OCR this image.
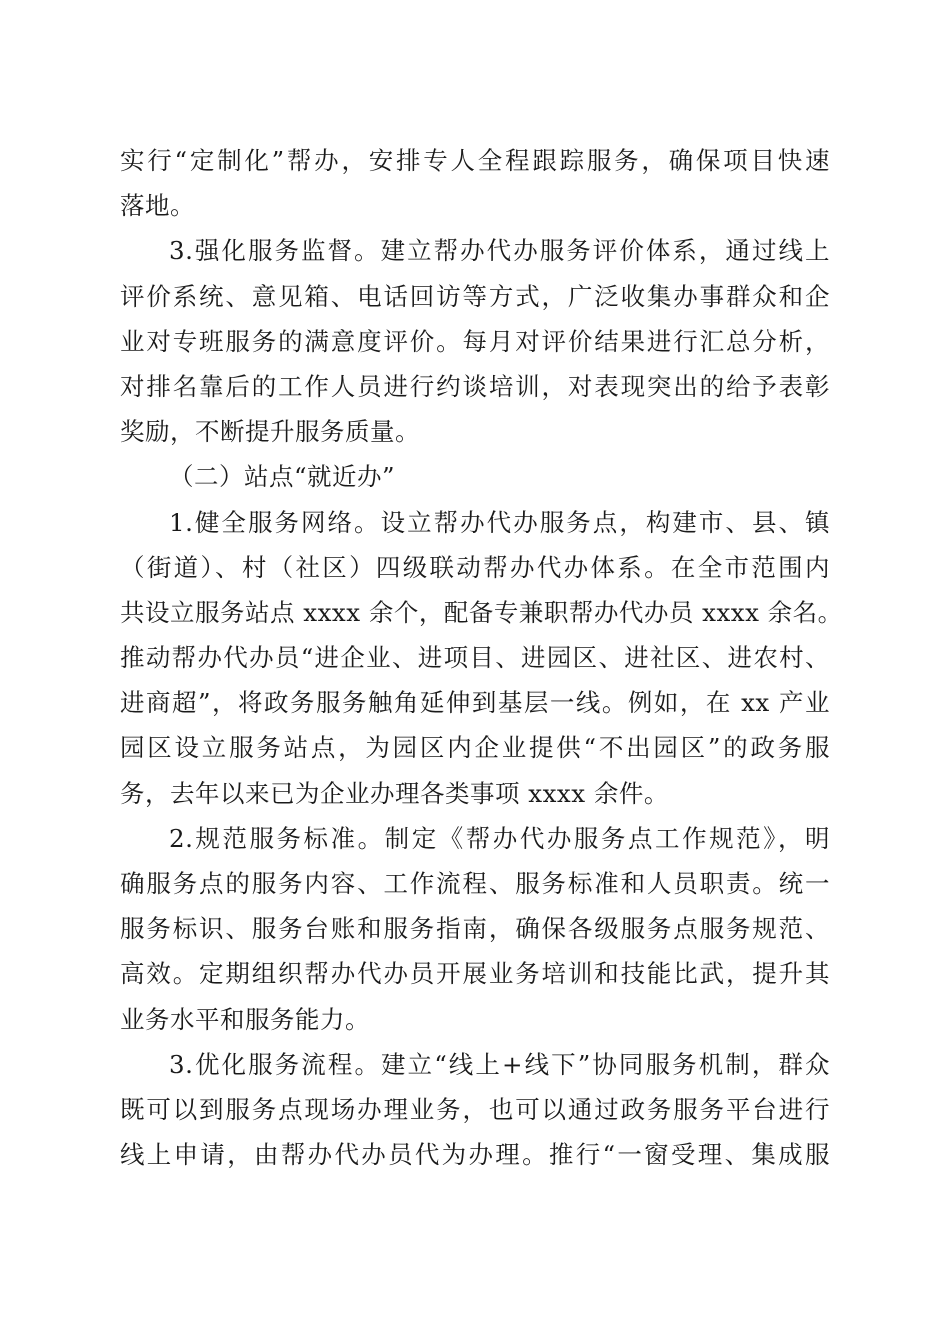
实行“定制化”帮办，安排专人全程跟踪服务，确保项目快速
落地。
3.强化服务监督。建立帮办代办服务评价体系，通过线上
评价系统、意见箱、电话回访等方式，广泛收集办事群众和企
业对专班服务的满意度评价。每月对评价结果进行汇总分析，
对排名靠后的工作人员进行约谈培训，对表现突出的给予表彰
奖励，不断提升服务质量。
（二）站点“就近办”
1.健全服务网络。设立帮办代办服务点，构建市、县、镇
（街道）、村（社区）四级联动帮办代办体系。在全市范围内
共设立服务站点 xxxx 余个，配备专兼职帮办代办员 xxxx 余名。
推动帮办代办员“进企业、进项目、进园区、进社区、进农村、
进商超”，将政务服务触角延伸到基层一线。例如，在 xx 产业
园区设立服务站点，为园区内企业提供“不出园区”的政务服
务，去年以来已为企业办理各类事项 xxxx 余件。
2.规范服务标准。制定《帮办代办服务点工作规范》，明
确服务点的服务内容、工作流程、服务标准和人员职责。统一
服务标识、服务台账和服务指南，确保各级服务点服务规范、
高效。定期组织帮办代办员开展业务培训和技能比武，提升其
业务水平和服务能力。
3.优化服务流程。建立“线上+线下”协同服务机制，群众
既可以到服务点现场办理业务，也可以通过政务服务平台进行
线上申请，由帮办代办员代为办理。推行“一窗受理、集成服
